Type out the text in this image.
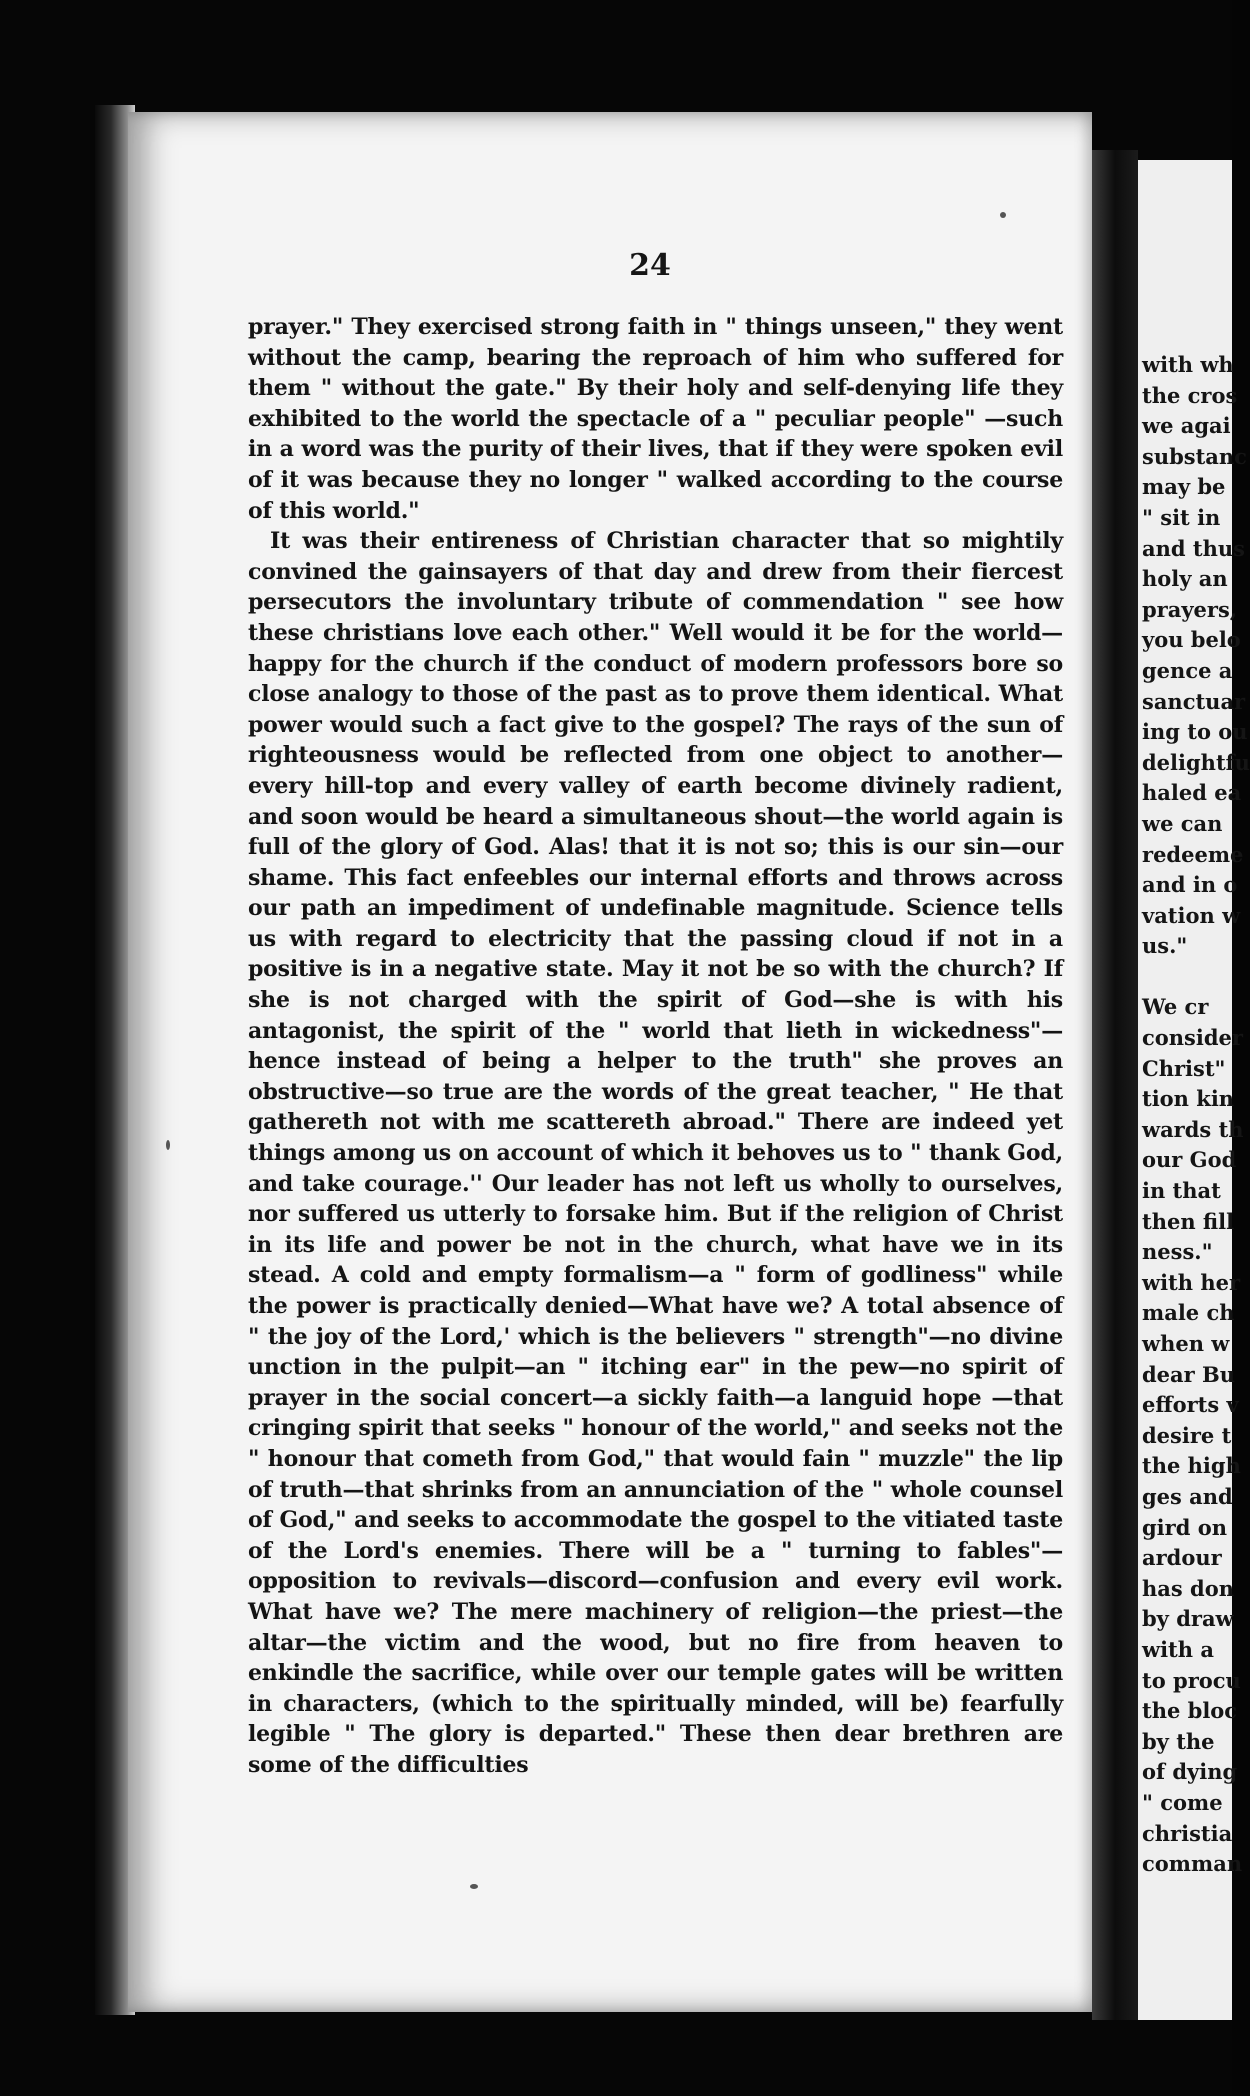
24

prayer." They exercised strong faith in " things unseen," they went without the camp, bearing the reproach of him who suffered for them " without the gate." By their holy and self-denying life they exhibited to the world the spectacle of a " peculiar people" —such in a word was the purity of their lives, that if they were spoken evil of it was because they no longer " walked according to the course of this world."

It was their entireness of Christian character that so mightily convined the gainsayers of that day and drew from their fiercest persecutors the involuntary tribute of commendation " see how these christians love each other." Well would it be for the world—happy for the church if the conduct of modern professors bore so close analogy to those of the past as to prove them identical. What power would such a fact give to the gospel? The rays of the sun of righteousness would be reflected from one object to another—every hill-top and every valley of earth become divinely radient, and soon would be heard a simultaneous shout—the world again is full of the glory of God. Alas! that it is not so; this is our sin—our shame. This fact enfeebles our internal efforts and throws across our path an impediment of undefinable magnitude. Science tells us with regard to electricity that the passing cloud if not in a positive is in a negative state. May it not be so with the church? If she is not charged with the spirit of God—she is with his antagonist, the spirit of the " world that lieth in wickedness"—hence instead of being a helper to the truth" she proves an obstructive—so true are the words of the great teacher, " He that gathereth not with me scattereth abroad." There are indeed yet things among us on account of which it behoves us to " thank God, and take courage.'' Our leader has not left us wholly to ourselves, nor suffered us utterly to forsake him. But if the religion of Christ in its life and power be not in the church, what have we in its stead. A cold and empty formalism—a " form of godliness" while the power is practically denied—What have we? A total absence of " the joy of the Lord,' which is the believers " strength"—no divine unction in the pulpit—an " itching ear" in the pew—no spirit of prayer in the social concert—a sickly faith—a languid hope —that cringing spirit that seeks " honour of the world," and seeks not the " honour that cometh from God," that would fain " muzzle" the lip of truth—that shrinks from an annunciation of the " whole counsel of God," and seeks to accommodate the gospel to the vitiated taste of the Lord's enemies. There will be a " turning to fables"—opposition to revivals—discord—confusion and every evil work. What have we? The mere machinery of religion—the priest—the altar—the victim and the wood, but no fire from heaven to enkindle the sacrifice, while over our temple gates will be written in characters, (which to the spiritually minded, will be) fearfully legible " The glory is departed." These then dear brethren are some of the difficulties

with wh
the cros
we agai
substanc
may be
" sit in
and thus
holy an
prayers,
you belo
gence a
sanctuar
ing to ou
delightfu
haled ea
we can
redeeme
and in o
vation w
us."
We cr
consider
Christ"
tion kin
wards th
our God
in that
then fill
ness."
with her
male ch
when w
dear Bu
efforts v
desire t
the high
ges and
gird on
ardour
has don
by draw
with a
to procu
the bloc
by the
of dying
" come
christia
comman
